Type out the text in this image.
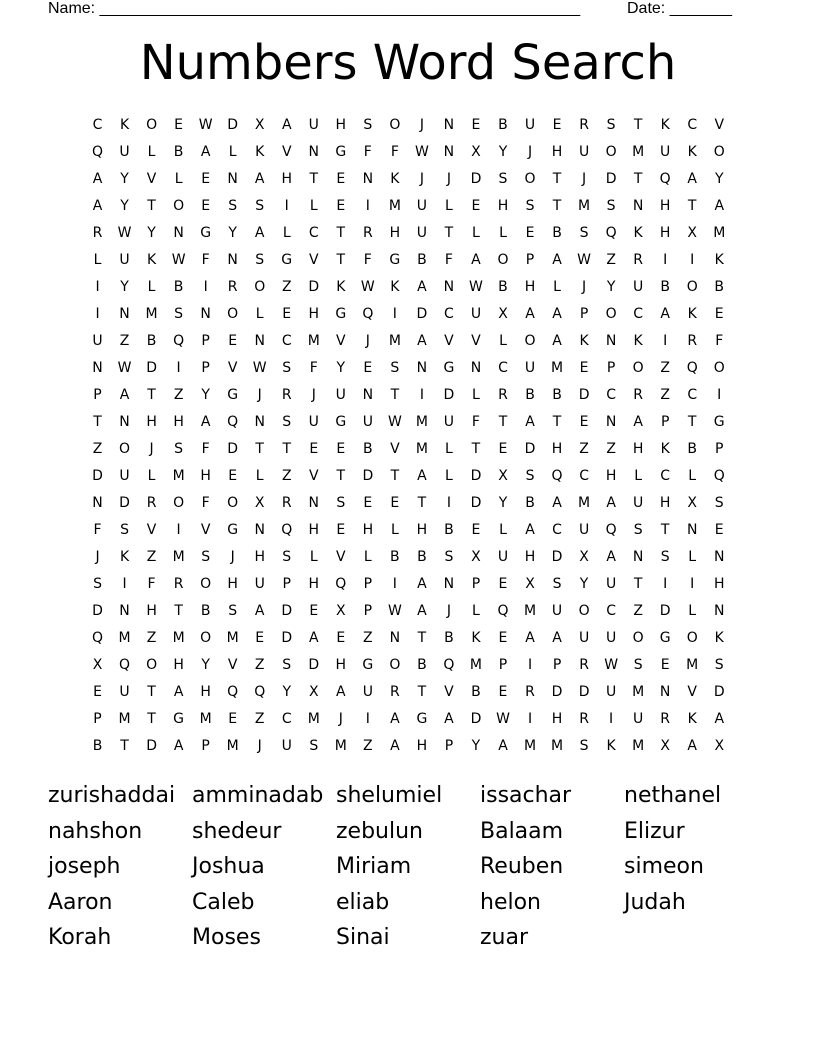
Name: ______________________________________________________	Date: _______
Numbers Word Search
C	K	O	E	W	D	X	A	U	H	S	O	J	N	E	B	U	E	R	S	T	K	C	V
Q	U	L	B	A	L	K	V	N	G	F	F	W	N	X	Y	J	H	U	O	M	U	K	O
A	Y	V	L	E	N	A	H	T	E	N	K	J	J	D	S	O	T	J	D	T	Q	A	Y
A	Y	T	O	E	S	S	I	L	E	I	M	U	L	E	H	S	T	M	S	N	H	T	A
R	W	Y	N	G	Y	A	L	C	T	R	H	U	T	L	L	E	B	S	Q	K	H	X	M
L	U	K	W	F	N	S	G	V	T	F	G	B	F	A	O	P	A	W	Z	R	I	I	K
I	Y	L	B	I	R	O	Z	D	K	W	K	A	N	W	B	H	L	J	Y	U	B	O	B
I	N	M	S	N	O	L	E	H	G	Q	I	D	C	U	X	A	A	P	O	C	A	K	E
U	Z	B	Q	P	E	N	C	M	V	J	M	A	V	V	L	O	A	K	N	K	I	R	F
N	W	D	I	P	V	W	S	F	Y	E	S	N	G	N	C	U	M	E	P	O	Z	Q	O
P	A	T	Z	Y	G	J	R	J	U	N	T	I	D	L	R	B	B	D	C	R	Z	C	I
T	N	H	H	A	Q	N	S	U	G	U	W	M	U	F	T	A	T	E	N	A	P	T	G
Z	O	J	S	F	D	T	T	E	E	B	V	M	L	T	E	D	H	Z	Z	H	K	B	P
D	U	L	M	H	E	L	Z	V	T	D	T	A	L	D	X	S	Q	C	H	L	C	L	Q
N	D	R	O	F	O	X	R	N	S	E	E	T	I	D	Y	B	A	M	A	U	H	X	S
F	S	V	I	V	G	N	Q	H	E	H	L	H	B	E	L	A	C	U	Q	S	T	N	E
J	K	Z	M	S	J	H	S	L	V	L	B	B	S	X	U	H	D	X	A	N	S	L	N
S	I	F	R	O	H	U	P	H	Q	P	I	A	N	P	E	X	S	Y	U	T	I	I	H
D	N	H	T	B	S	A	D	E	X	P	W	A	J	L	Q	M	U	O	C	Z	D	L	N
Q	M	Z	M	O	M	E	D	A	E	Z	N	T	B	K	E	A	A	U	U	O	G	O	K
X	Q	O	H	Y	V	Z	S	D	H	G	O	B	Q	M	P	I	P	R	W	S	E	M	S
E	U	T	A	H	Q	Q	Y	X	A	U	R	T	V	B	E	R	D	D	U	M	N	V	D
P	M	T	G	M	E	Z	C	M	J	I	A	G	A	D	W	I	H	R	I	U	R	K	A
B	T	D	A	P	M	J	U	S	M	Z	A	H	P	Y	A	M	M	S	K	M	X	A	X
zurishaddai amminadab shelumiel	issachar	nethanel
nahshon	shedeur	zebulun	Balaam	Elizur
joseph	Joshua	Miriam	Reuben	simeon
Aaron	Caleb	eliab	helon	Judah
Korah	Moses	Sinai	zuar
